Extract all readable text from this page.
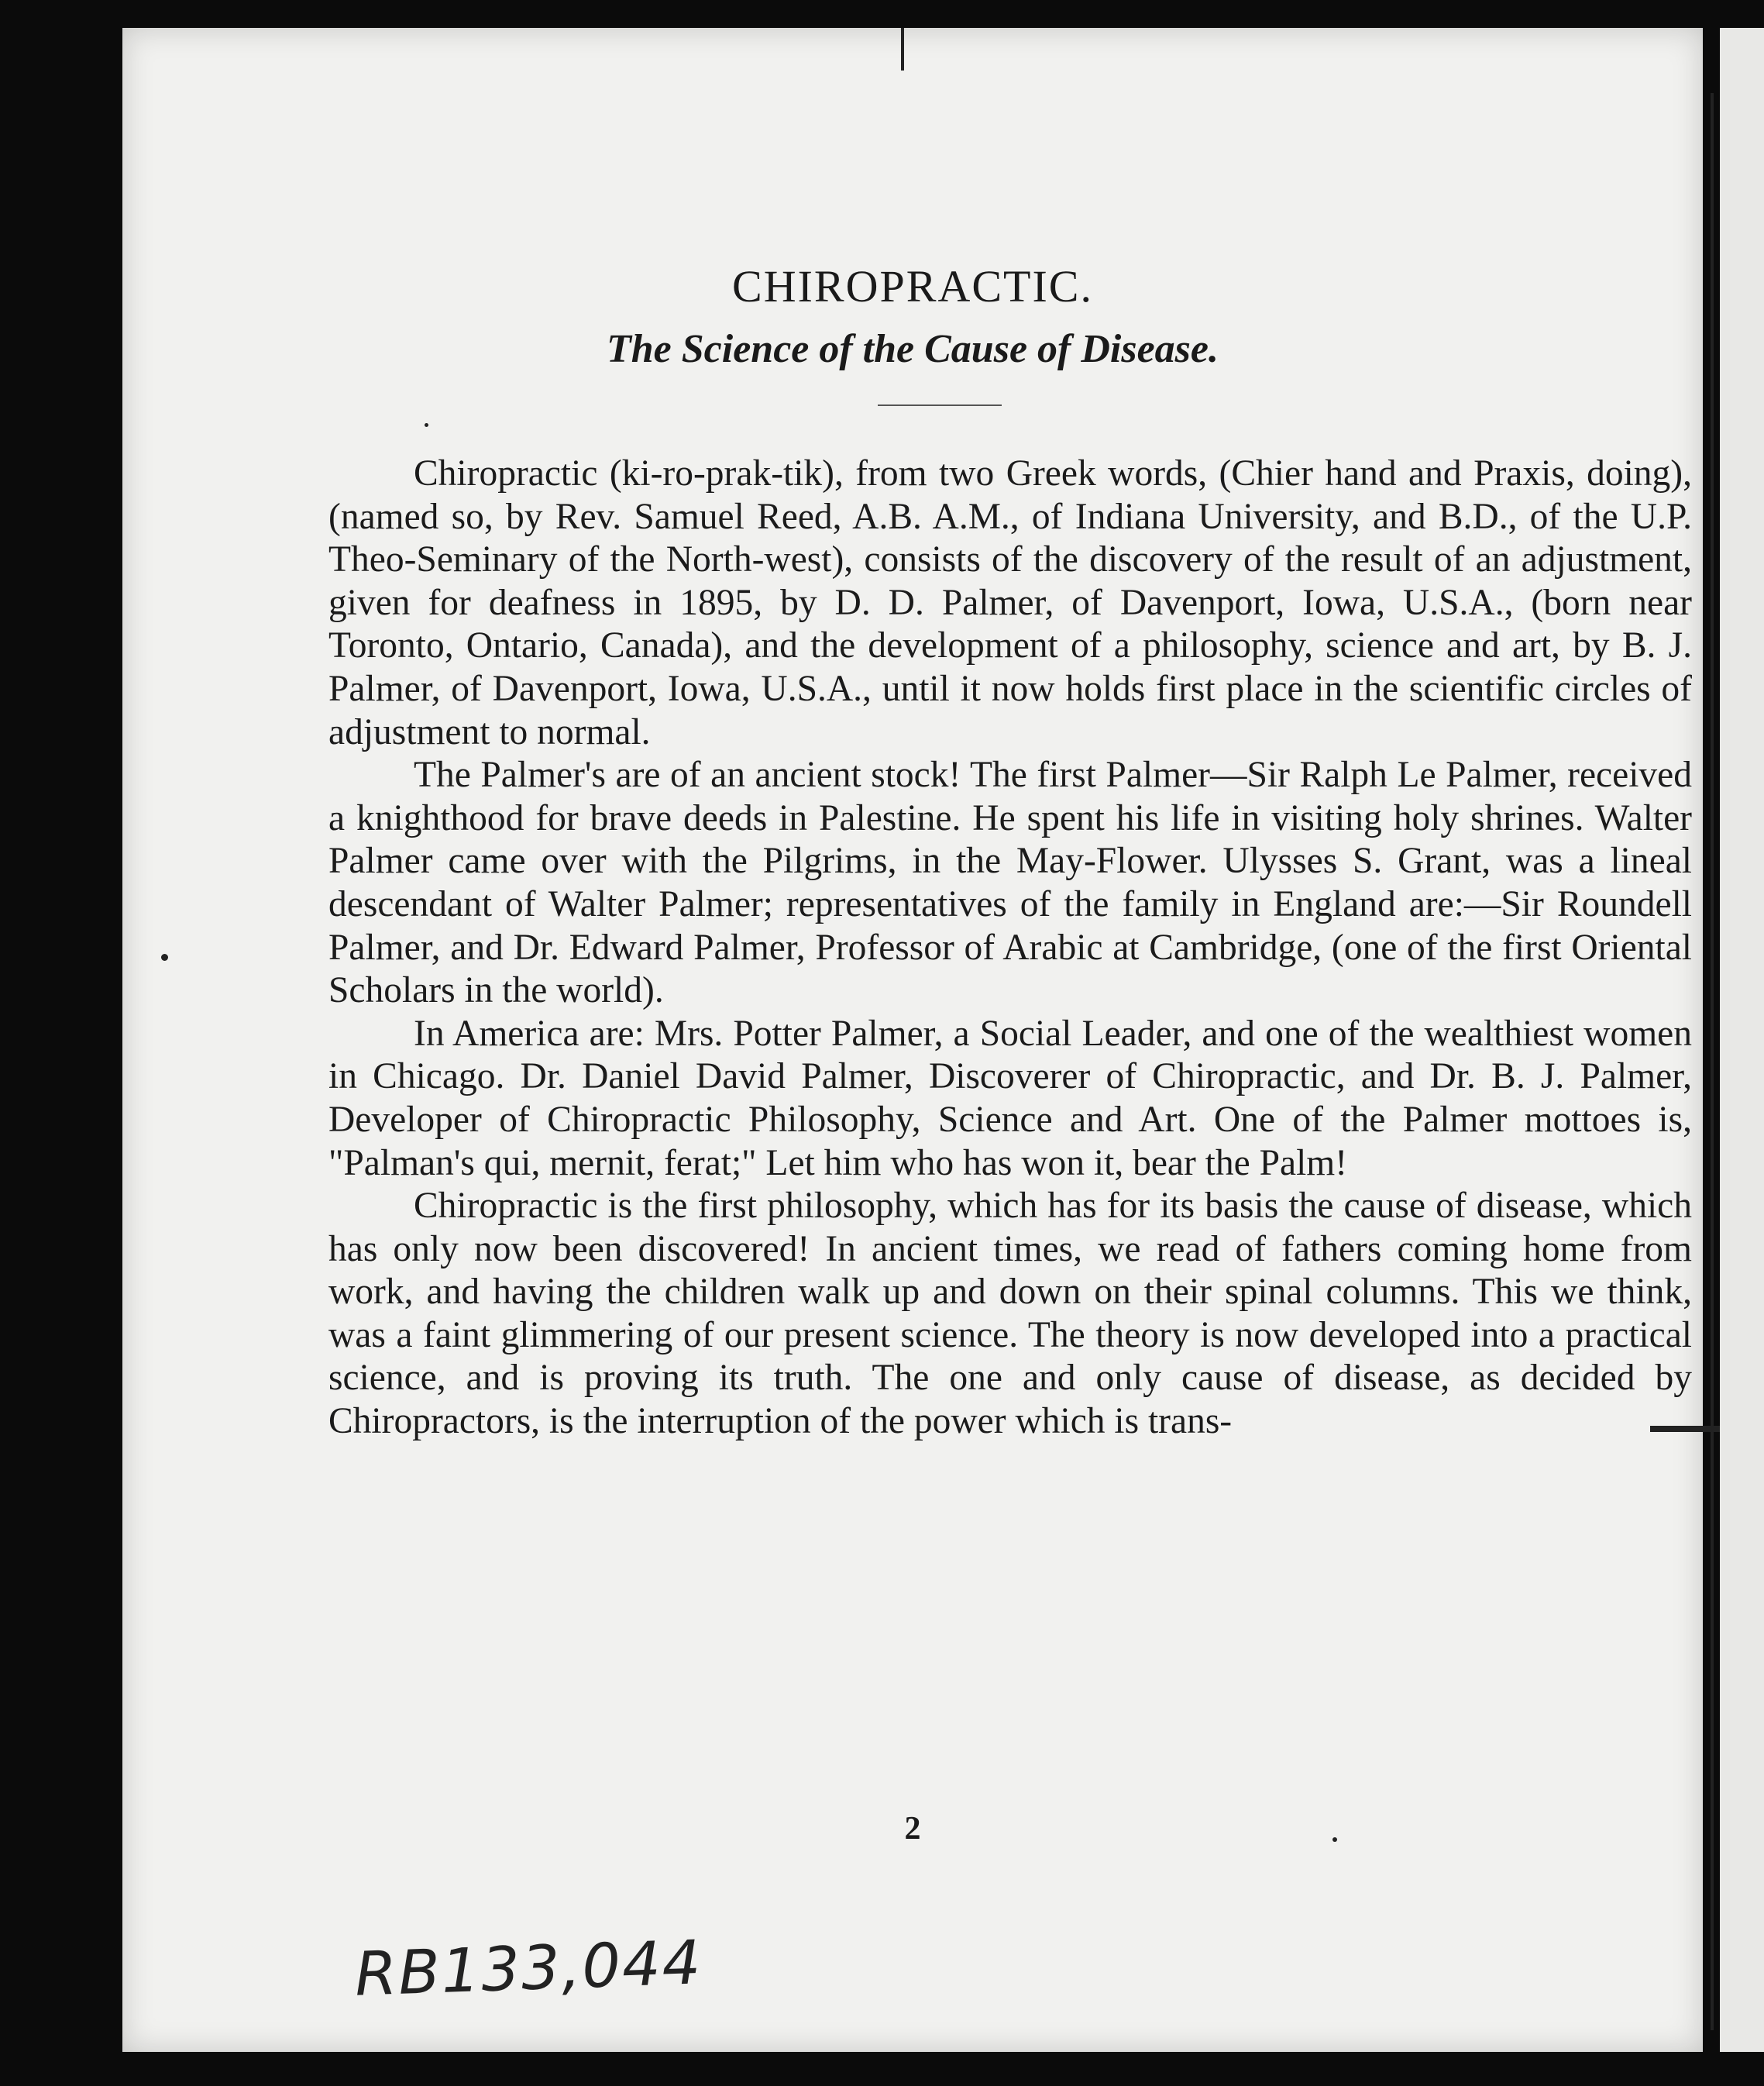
CHIROPRACTIC.
The Science of the Cause of Disease.

Chiropractic (ki-ro-prak-tik), from two Greek words, (Chier hand and Praxis, doing), (named so, by Rev. Samuel Reed, A.B. A.M., of Indiana University, and B.D., of the U.P. Theo-Seminary of the North-west), consists of the discovery of the result of an adjustment, given for deafness in 1895, by D. D. Palmer, of Davenport, Iowa, U.S.A., (born near Toronto, Ontario, Canada), and the development of a philosophy, science and art, by B. J. Palmer, of Davenport, Iowa, U.S.A., until it now holds first place in the scientific circles of adjustment to normal.

The Palmer's are of an ancient stock! The first Palmer—Sir Ralph Le Palmer, received a knighthood for brave deeds in Palestine. He spent his life in visiting holy shrines. Walter Palmer came over with the Pilgrims, in the May-Flower. Ulysses S. Grant, was a lineal descendant of Walter Palmer; representatives of the family in England are:—Sir Roundell Palmer, and Dr. Edward Palmer, Professor of Arabic at Cambridge, (one of the first Oriental Scholars in the world).

In America are: Mrs. Potter Palmer, a Social Leader, and one of the wealthiest women in Chicago. Dr. Daniel David Palmer, Discoverer of Chiropractic, and Dr. B. J. Palmer, Developer of Chiropractic Philosophy, Science and Art. One of the Palmer mottoes is, "Palman's qui, mernit, ferat;" Let him who has won it, bear the Palm!

Chiropractic is the first philosophy, which has for its basis the cause of disease, which has only now been discovered! In ancient times, we read of fathers coming home from work, and having the children walk up and down on their spinal columns. This we think, was a faint glimmering of our present science. The theory is now developed into a practical science, and is proving its truth. The one and only cause of disease, as decided by Chiropractors, is the interruption of the power which is trans-

2
RB133,044
